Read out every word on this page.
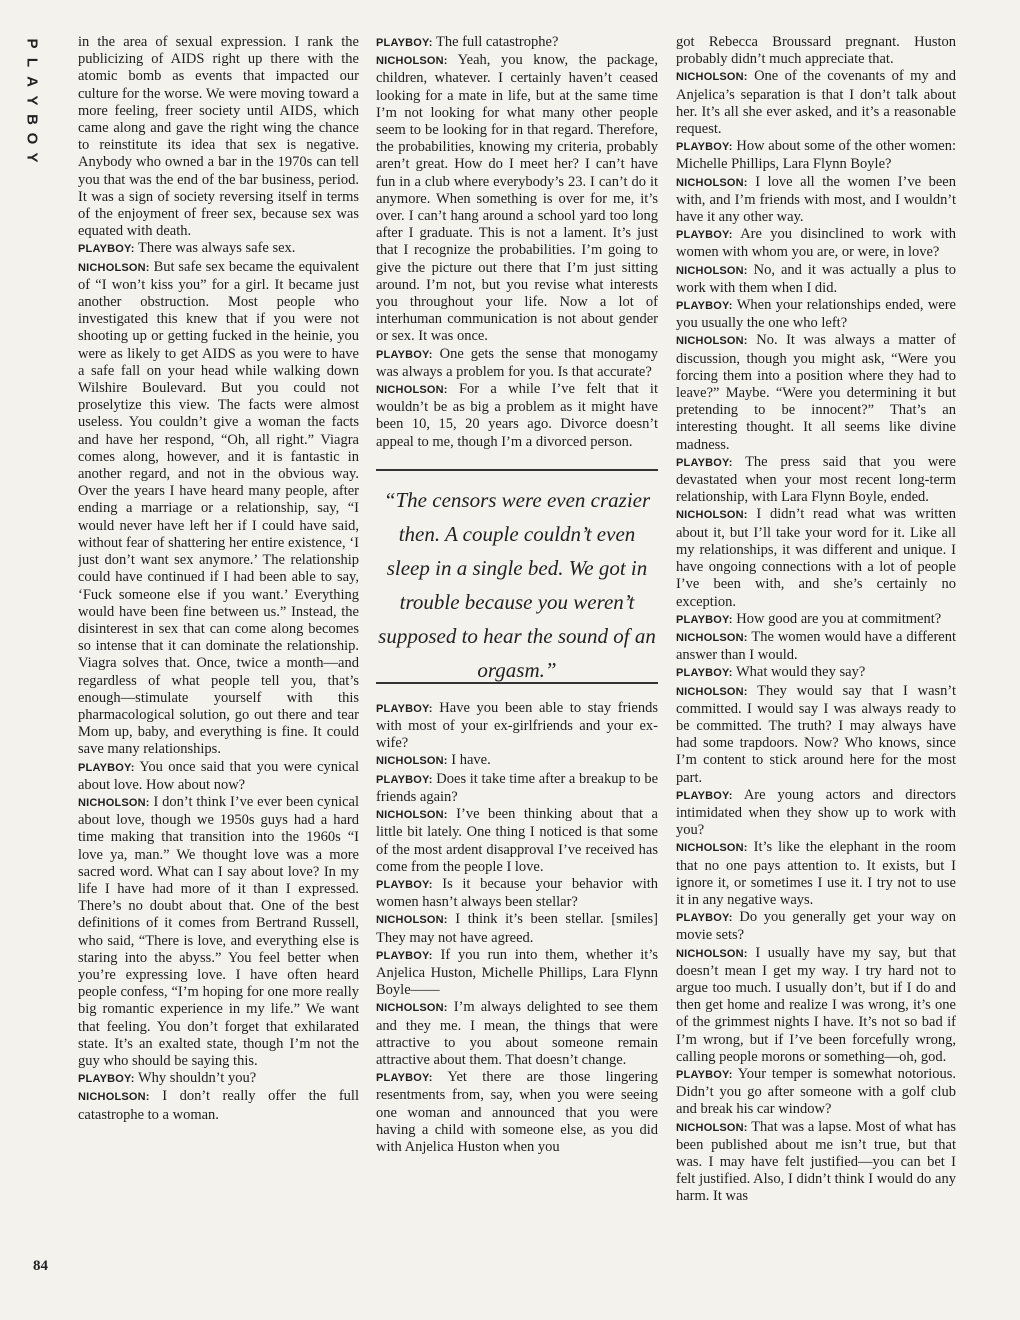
P
L
A
Y
B
O
Y

in the area of sexual expression. I rank the publicizing of AIDS right up there with the atomic bomb as events that impacted our culture for the worse. We were moving toward a more feeling, freer society until AIDS, which came along and gave the right wing the chance to reinstitute its idea that sex is negative. Anybody who owned a bar in the 1970s can tell you that was the end of the bar business, period. It was a sign of society reversing itself in terms of the enjoyment of freer sex, because sex was equated with death.

PLAYBOY: There was always safe sex.

NICHOLSON: But safe sex became the equivalent of “I won’t kiss you” for a girl. It became just another obstruction. Most people who investigated this knew that if you were not shooting up or getting fucked in the heinie, you were as likely to get AIDS as you were to have a safe fall on your head while walking down Wilshire Boulevard. But you could not proselytize this view. The facts were almost useless. You couldn’t give a woman the facts and have her respond, “Oh, all right.” Viagra comes along, however, and it is fantastic in another regard, and not in the obvious way. Over the years I have heard many people, after ending a marriage or a relationship, say, “I would never have left her if I could have said, without fear of shattering her entire existence, ‘I just don’t want sex anymore.’ The relationship could have continued if I had been able to say, ‘Fuck someone else if you want.’ Everything would have been fine between us.” Instead, the disinterest in sex that can come along becomes so intense that it can dominate the relationship. Viagra solves that. Once, twice a month—and regardless of what people tell you, that’s enough—stimulate yourself with this pharmacological solution, go out there and tear Mom up, baby, and everything is fine. It could save many relationships.

PLAYBOY: You once said that you were cynical about love. How about now?

NICHOLSON: I don’t think I’ve ever been cynical about love, though we 1950s guys had a hard time making that transition into the 1960s “I love ya, man.” We thought love was a more sacred word. What can I say about love? In my life I have had more of it than I expressed. There’s no doubt about that. One of the best definitions of it comes from Bertrand Russell, who said, “There is love, and everything else is staring into the abyss.” You feel better when you’re expressing love. I have often heard people confess, “I’m hoping for one more really big romantic experience in my life.” We want that feeling. You don’t forget that exhilarated state. It’s an exalted state, though I’m not the guy who should be saying this.

PLAYBOY: Why shouldn’t you?

NICHOLSON: I don’t really offer the full catastrophe to a woman.

PLAYBOY: The full catastrophe?

NICHOLSON: Yeah, you know, the package, children, whatever. I certainly haven’t ceased looking for a mate in life, but at the same time I’m not looking for what many other people seem to be looking for in that regard. Therefore, the probabilities, knowing my criteria, probably aren’t great. How do I meet her? I can’t have fun in a club where everybody’s 23. I can’t do it anymore. When something is over for me, it’s over. I can’t hang around a school yard too long after I graduate. This is not a lament. It’s just that I recognize the probabilities. I’m going to give the picture out there that I’m just sitting around. I’m not, but you revise what interests you throughout your life. Now a lot of interhuman communication is not about gender or sex. It was once.

PLAYBOY: One gets the sense that monogamy was always a problem for you. Is that accurate?

NICHOLSON: For a while I’ve felt that it wouldn’t be as big a problem as it might have been 10, 15, 20 years ago. Divorce doesn’t appeal to me, though I’m a divorced person.

“The censors were even crazier then. A couple couldn’t even sleep in a single bed. We got in trouble because you weren’t supposed to hear the sound of an orgasm.”

PLAYBOY: Have you been able to stay friends with most of your ex-girlfriends and your ex-wife?

NICHOLSON: I have.

PLAYBOY: Does it take time after a breakup to be friends again?

NICHOLSON: I’ve been thinking about that a little bit lately. One thing I noticed is that some of the most ardent disapproval I’ve received has come from the people I love.

PLAYBOY: Is it because your behavior with women hasn’t always been stellar?

NICHOLSON: I think it’s been stellar. [smiles] They may not have agreed.

PLAYBOY: If you run into them, whether it’s Anjelica Huston, Michelle Phillips, Lara Flynn Boyle——

NICHOLSON: I’m always delighted to see them and they me. I mean, the things that were attractive to you about someone remain attractive about them. That doesn’t change.

PLAYBOY: Yet there are those lingering resentments from, say, when you were seeing one woman and announced that you were having a child with someone else, as you did with Anjelica Huston when you

got Rebecca Broussard pregnant. Huston probably didn’t much appreciate that.

NICHOLSON: One of the covenants of my and Anjelica’s separation is that I don’t talk about her. It’s all she ever asked, and it’s a reasonable request.

PLAYBOY: How about some of the other women: Michelle Phillips, Lara Flynn Boyle?

NICHOLSON: I love all the women I’ve been with, and I’m friends with most, and I wouldn’t have it any other way.

PLAYBOY: Are you disinclined to work with women with whom you are, or were, in love?

NICHOLSON: No, and it was actually a plus to work with them when I did.

PLAYBOY: When your relationships ended, were you usually the one who left?

NICHOLSON: No. It was always a matter of discussion, though you might ask, “Were you forcing them into a position where they had to leave?” Maybe. “Were you determining it but pretending to be innocent?” That’s an interesting thought. It all seems like divine madness.

PLAYBOY: The press said that you were devastated when your most recent long-term relationship, with Lara Flynn Boyle, ended.

NICHOLSON: I didn’t read what was written about it, but I’ll take your word for it. Like all my relationships, it was different and unique. I have ongoing connections with a lot of people I’ve been with, and she’s certainly no exception.

PLAYBOY: How good are you at commitment?

NICHOLSON: The women would have a different answer than I would.

PLAYBOY: What would they say?

NICHOLSON: They would say that I wasn’t committed. I would say I was always ready to be committed. The truth? I may always have had some trapdoors. Now? Who knows, since I’m content to stick around here for the most part.

PLAYBOY: Are young actors and directors intimidated when they show up to work with you?

NICHOLSON: It’s like the elephant in the room that no one pays attention to. It exists, but I ignore it, or sometimes I use it. I try not to use it in any negative ways.

PLAYBOY: Do you generally get your way on movie sets?

NICHOLSON: I usually have my say, but that doesn’t mean I get my way. I try hard not to argue too much. I usually don’t, but if I do and then get home and realize I was wrong, it’s one of the grimmest nights I have. It’s not so bad if I’m wrong, but if I’ve been forcefully wrong, calling people morons or something—oh, god.

PLAYBOY: Your temper is somewhat notorious. Didn’t you go after someone with a golf club and break his car window?

NICHOLSON: That was a lapse. Most of what has been published about me isn’t true, but that was. I may have felt justified—you can bet I felt justified. Also, I didn’t think I would do any harm. It was

84
